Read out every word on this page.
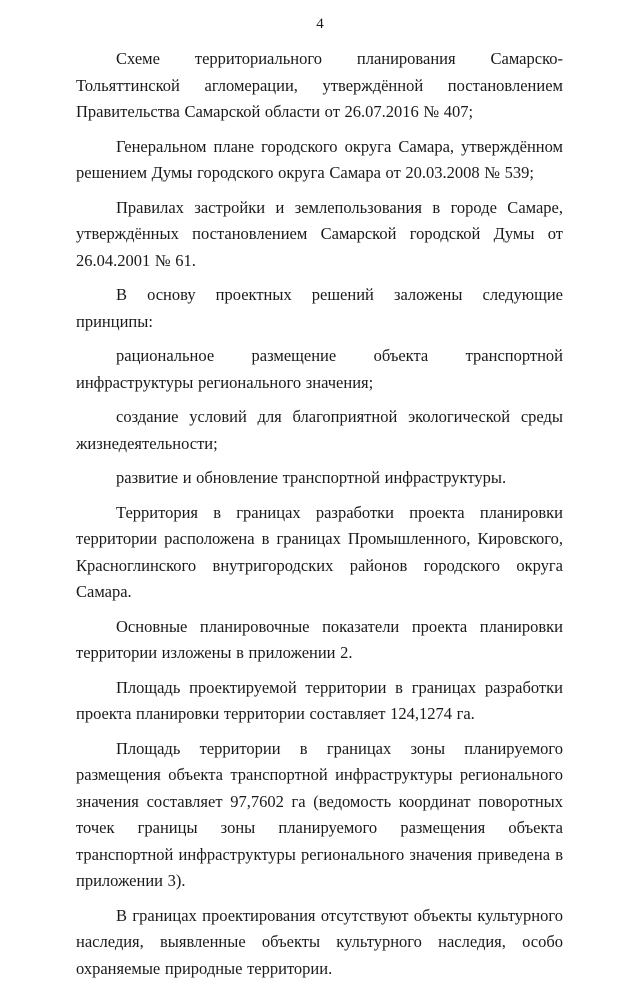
4

Схеме территориального планирования Самарско-Тольяттинской агломерации, утверждённой постановлением Правительства Самарской области от 26.07.2016 № 407;

Генеральном плане городского округа Самара, утверждённом решением Думы городского округа Самара от 20.03.2008 № 539;

Правилах застройки и землепользования в городе Самаре, утверждённых постановлением Самарской городской Думы от 26.04.2001 № 61.

В основу проектных решений заложены следующие принципы:

рациональное размещение объекта транспортной инфраструктуры регионального значения;

создание условий для благоприятной экологической среды жизнедеятельности;

развитие и обновление транспортной инфраструктуры.

Территория в границах разработки проекта планировки территории расположена в границах Промышленного, Кировского, Красноглинского внутригородских районов городского округа Самара.

Основные планировочные показатели проекта планировки территории изложены в приложении 2.

Площадь проектируемой территории в границах разработки проекта планировки территории составляет 124,1274 га.

Площадь территории в границах зоны планируемого размещения объекта транспортной инфраструктуры регионального значения составляет 97,7602 га (ведомость координат поворотных точек границы зоны планируемого размещения объекта транспортной инфраструктуры регионального значения приведена в приложении 3).

В границах проектирования отсутствуют объекты культурного наследия, выявленные объекты культурного наследия, особо охраняемые природные территории.
